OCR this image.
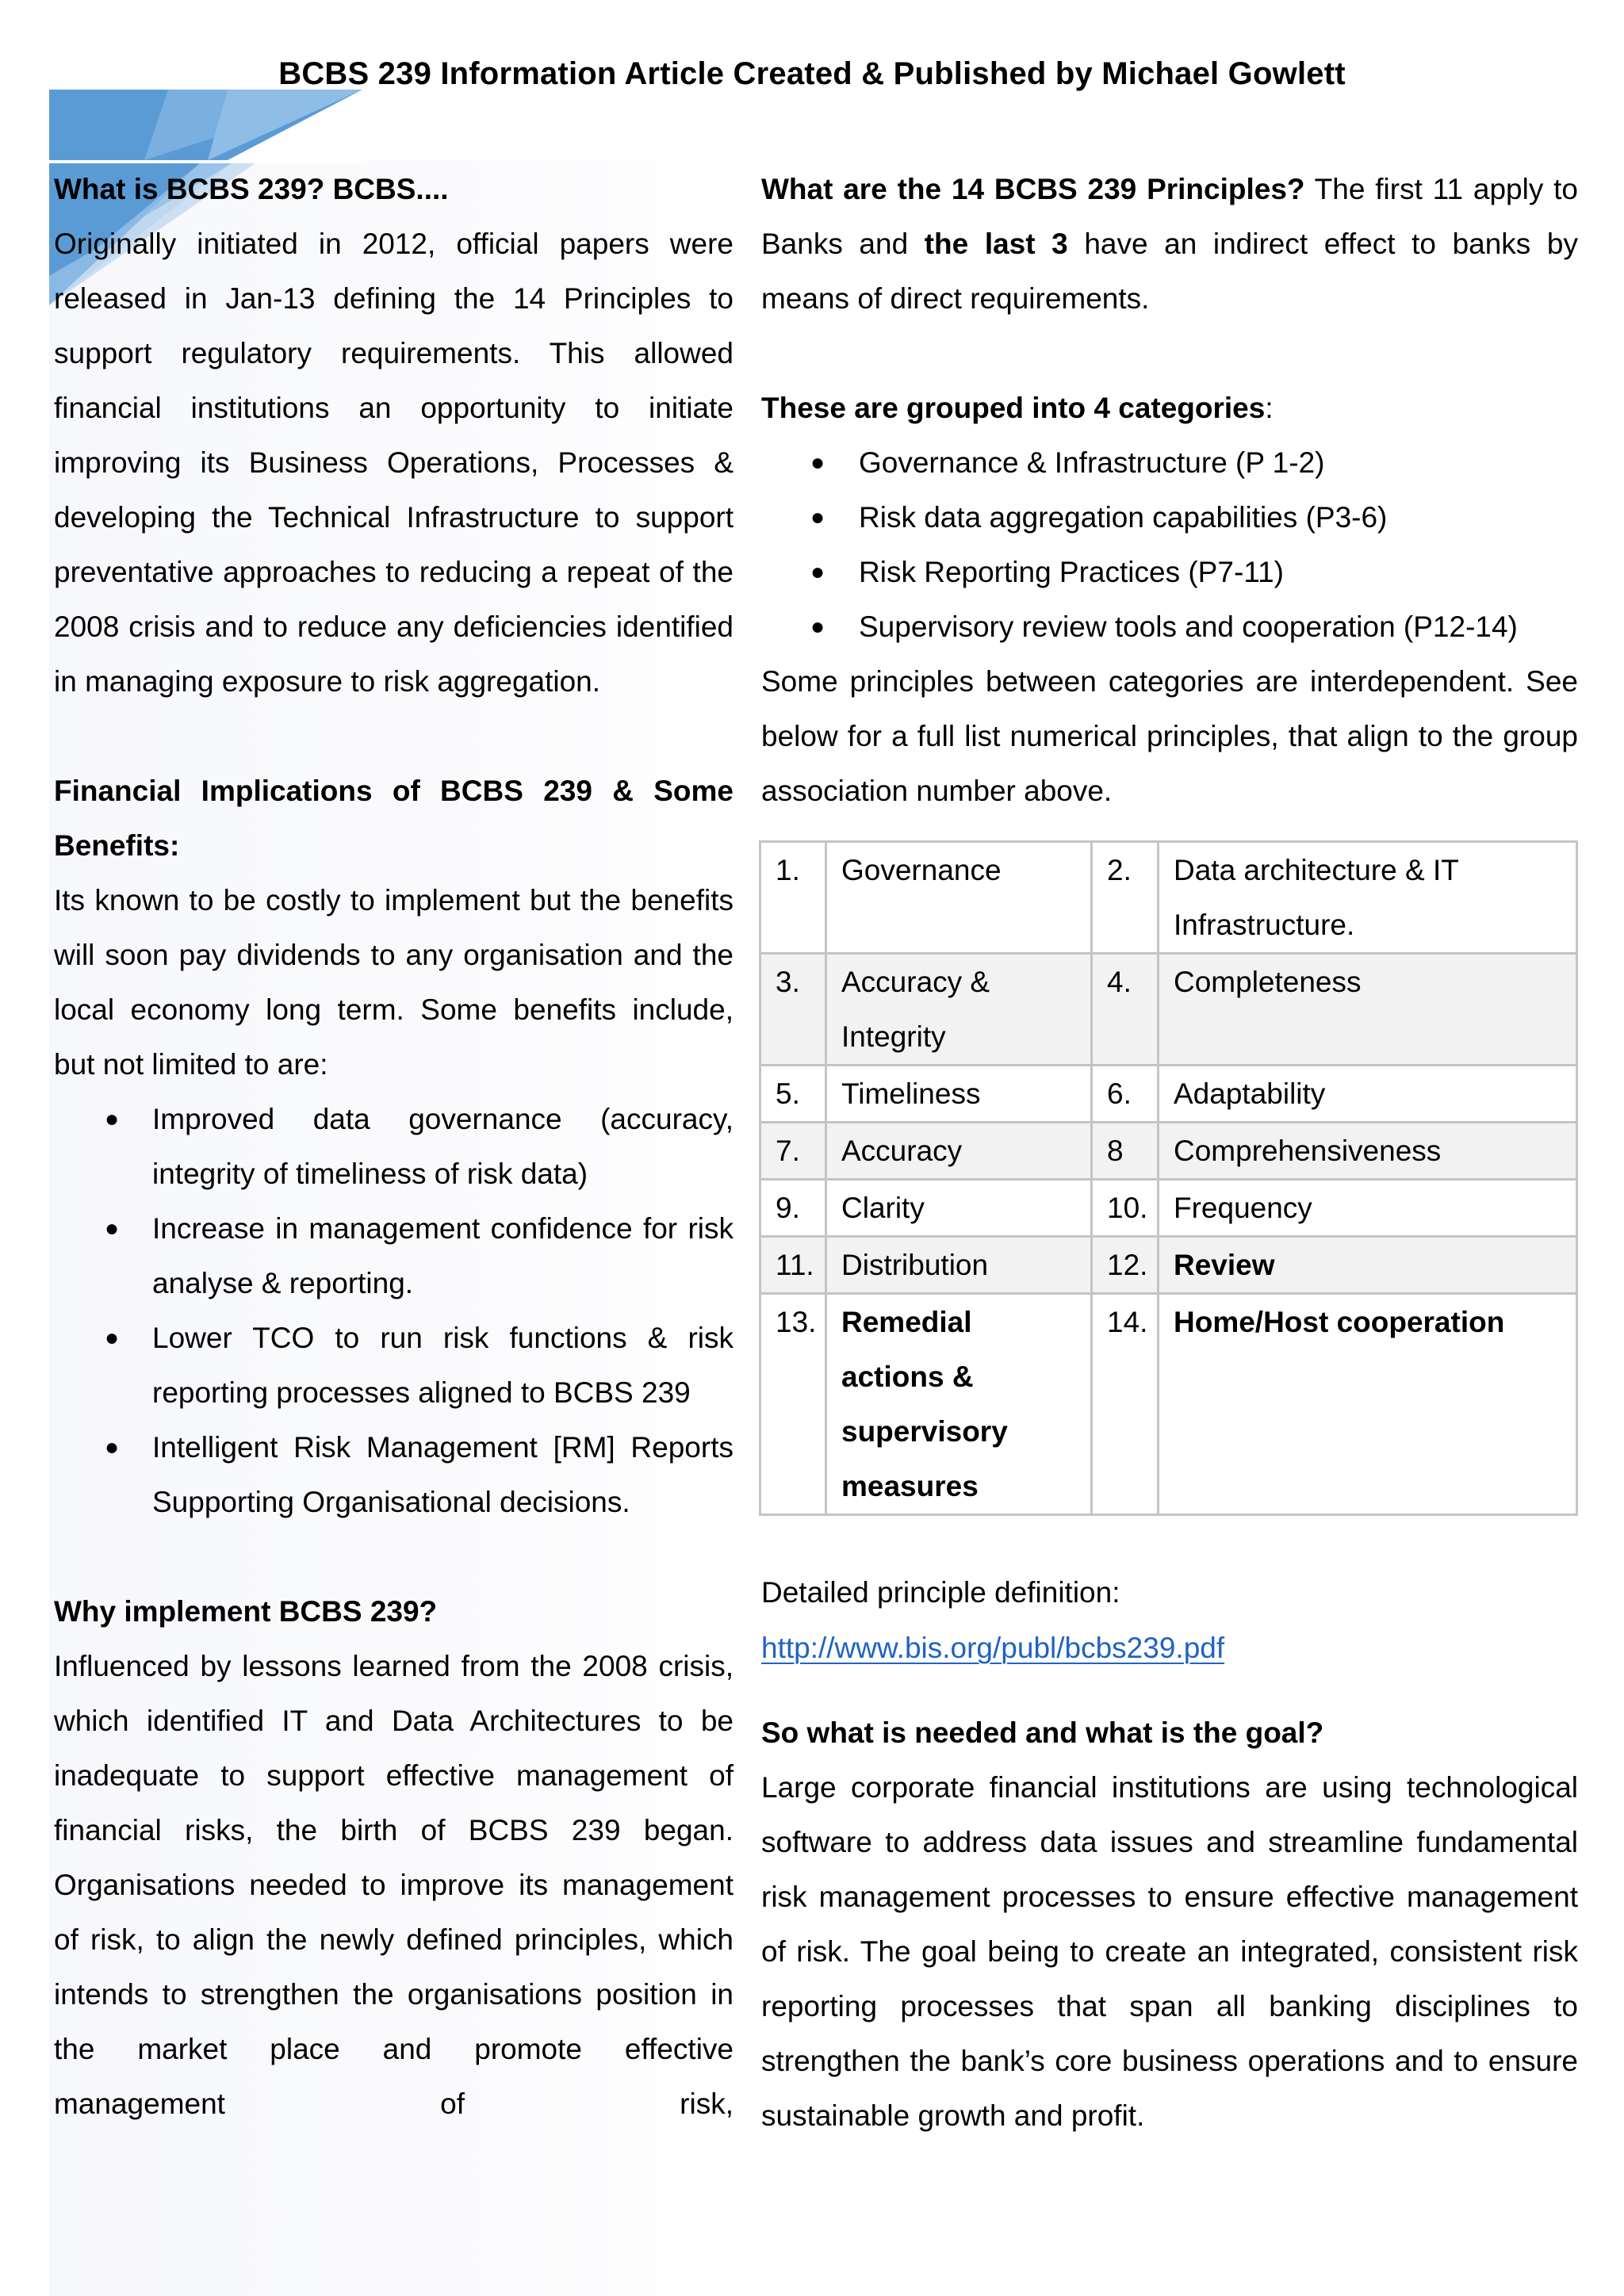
BCBS 239 Information Article Created & Published by Michael Gowlett

What is BCBS 239? BCBS....

Originally initiated in 2012, official papers were released in Jan-13 defining the 14 Principles to support regulatory requirements. This allowed financial institutions an opportunity to initiate improving its Business Operations, Processes & developing the Technical Infrastructure to support preventative approaches to reducing a repeat of the 2008 crisis and to reduce any deficiencies identified in managing exposure to risk aggregation.

Financial Implications of BCBS 239 & Some Benefits:

Its known to be costly to implement but the benefits will soon pay dividends to any organisation and the local economy long term. Some benefits include, but not limited to are:

● Improved data governance (accuracy, integrity of timeliness of risk data)
● Increase in management confidence for risk analyse & reporting.
● Lower TCO to run risk functions & risk reporting processes aligned to BCBS 239
● Intelligent Risk Management [RM] Reports Supporting Organisational decisions.

Why implement BCBS 239?

Influenced by lessons learned from the 2008 crisis, which identified IT and Data Architectures to be inadequate to support effective management of financial risks, the birth of BCBS 239 began. Organisations needed to improve its management of risk, to align the newly defined principles, which intends to strengthen the organisations position in the market place and promote effective management of risk,

What are the 14 BCBS 239 Principles? The first 11 apply to Banks and the last 3 have an indirect effect to banks by means of direct requirements.

These are grouped into 4 categories:

● Governance & Infrastructure (P 1-2)
● Risk data aggregation capabilities (P3-6)
● Risk Reporting Practices (P7-11)
● Supervisory review tools and cooperation (P12-14)

Some principles between categories are interdependent. See below for a full list numerical principles, that align to the group association number above.

1.	Governance	2.	Data architecture & IT Infrastructure.
3.	Accuracy & Integrity	4.	Completeness
5.	Timeliness	6.	Adaptability
7.	Accuracy	8	Comprehensiveness
9.	Clarity	10.	Frequency
11.	Distribution	12.	Review
13.	Remedial actions & supervisory measures	14.	Home/Host cooperation

Detailed principle definition:

http://www.bis.org/publ/bcbs239.pdf

So what is needed and what is the goal?

Large corporate financial institutions are using technological software to address data issues and streamline fundamental risk management processes to ensure effective management of risk. The goal being to create an integrated, consistent risk reporting processes that span all banking disciplines to strengthen the bank’s core business operations and to ensure sustainable growth and profit.
